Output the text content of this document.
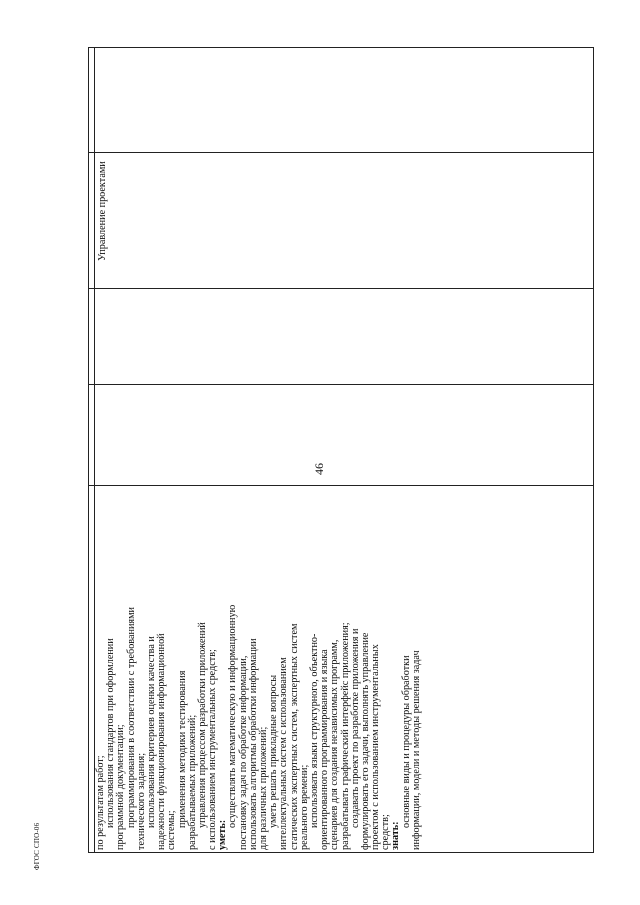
46
ФГОС СПО-06
Управление проектами
по результатам работ; использования стандартов при оформлении программной документации; программирования в соответствии с требованиями технического задания; использования критериев оценки качества и надежности функционирования информационной системы;
применения методики тестирования разрабатываемых приложений; управления процессом разработки приложений с использованием инструментальных средств; уметь:
осуществлять математическую и информационную постановку задач по обработке информации, использовать алгоритмы обработки информации для различных приложений; уметь решать прикладные вопросы интеллектуальных систем с использованием статических экспертных систем, экспертных систем реального времени; использовать языки структурного, объектно- ориентированного программирования и языка сценариев для создания независимых программ, разрабатывать графический интерфейс приложения; создавать проект по разработке приложения и формулировать его задачи, выполнять управление проектом с использованием инструментальных средств; знать:
основные виды и процедуры обработки информации, модели и методы решения задач
